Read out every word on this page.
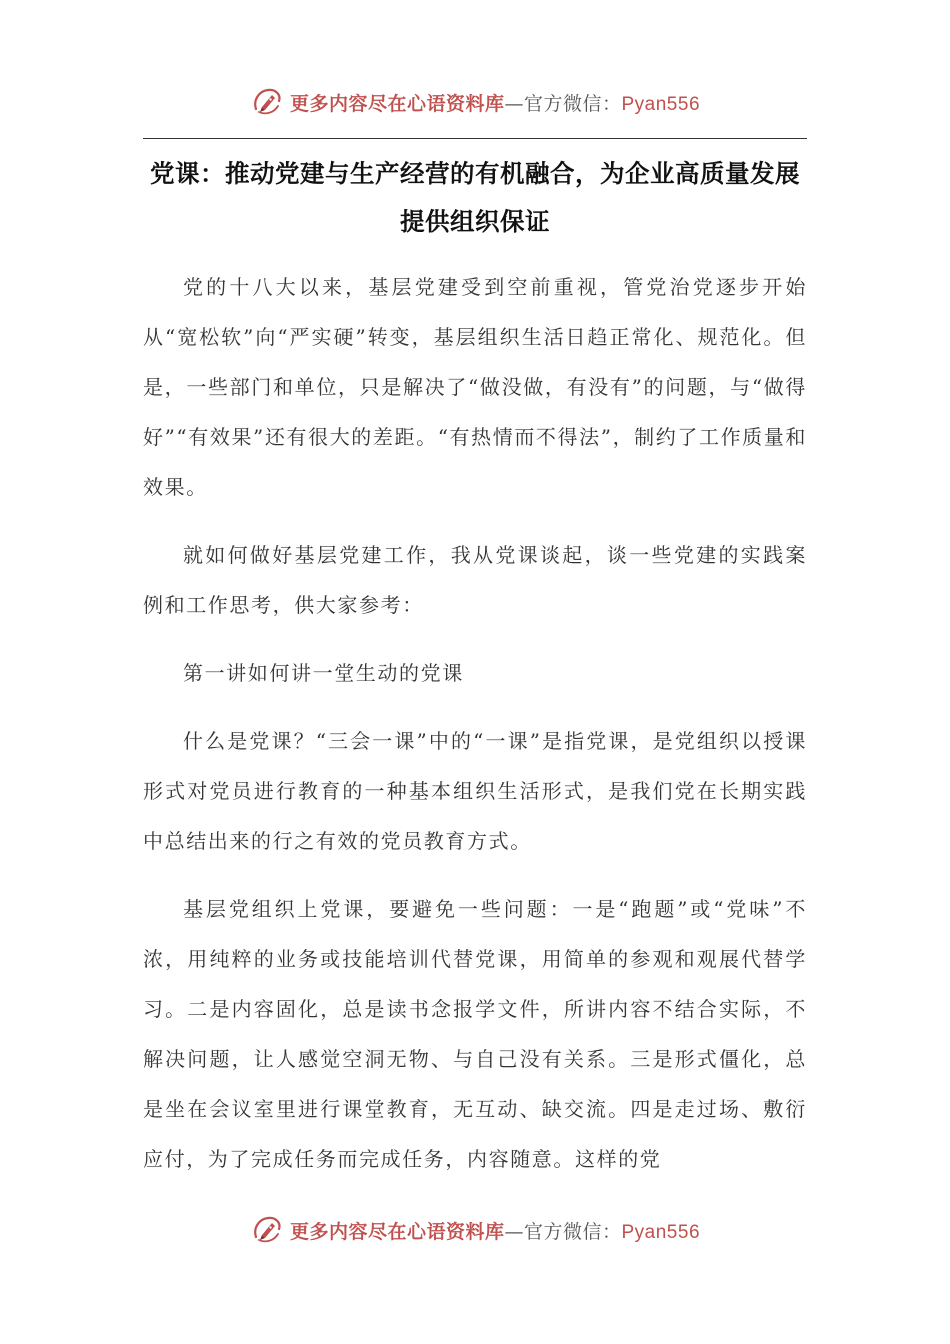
更多内容尽在心语资料库—官方微信：Pyan556
党课：推动党建与生产经营的有机融合，为企业高质量发展提供组织保证

党的十八大以来，基层党建受到空前重视，管党治党逐步开始从“宽松软”向“严实硬”转变，基层组织生活日趋正常化、规范化。但是，一些部门和单位，只是解决了“做没做，有没有”的问题，与“做得好”“有效果”还有很大的差距。“有热情而不得法”，制约了工作质量和效果。

就如何做好基层党建工作，我从党课谈起，谈一些党建的实践案例和工作思考，供大家参考：

第一讲如何讲一堂生动的党课

什么是党课？“三会一课”中的“一课”是指党课，是党组织以授课形式对党员进行教育的一种基本组织生活形式，是我们党在长期实践中总结出来的行之有效的党员教育方式。

基层党组织上党课，要避免一些问题：一是“跑题”或“党味”不浓，用纯粹的业务或技能培训代替党课，用简单的参观和观展代替学习。二是内容固化，总是读书念报学文件，所讲内容不结合实际，不解决问题，让人感觉空洞无物、与自己没有关系。三是形式僵化，总是坐在会议室里进行课堂教育，无互动、缺交流。四是走过场、敷衍应付，为了完成任务而完成任务，内容随意。这样的党

更多内容尽在心语资料库—官方微信：Pyan556
